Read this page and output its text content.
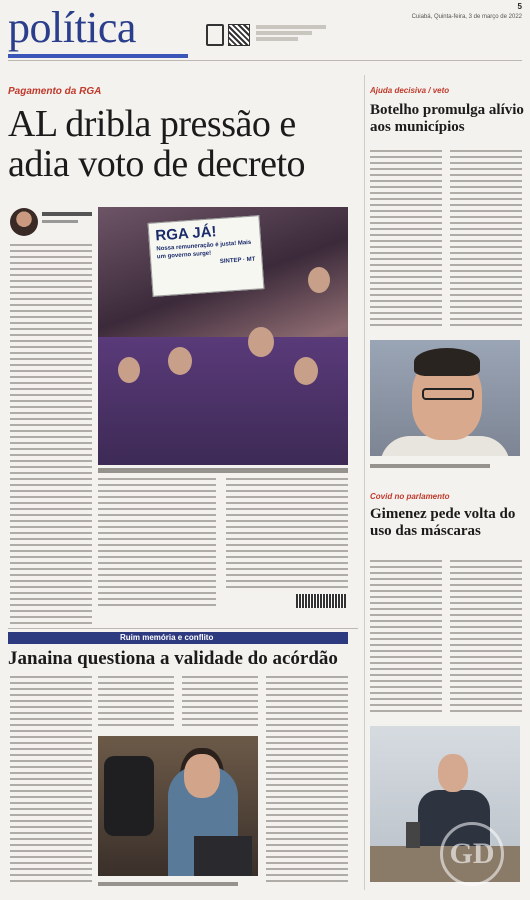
política	5
Cuiabá, Quinta-feira, 3 de março de 2022
Pagamento da RGA
AL dribla pressão e adia voto de decreto
RGA JÁ!
Nossa remuneração é justa! Mais um governo surge!
SINTEP · MT
Ajuda decisiva / veto
Botelho promulga alívio aos municípios
Covid no parlamento
Gimenez pede volta do uso das máscaras
GD
Ruim memória e conflito
Janaina questiona a validade do acórdão
